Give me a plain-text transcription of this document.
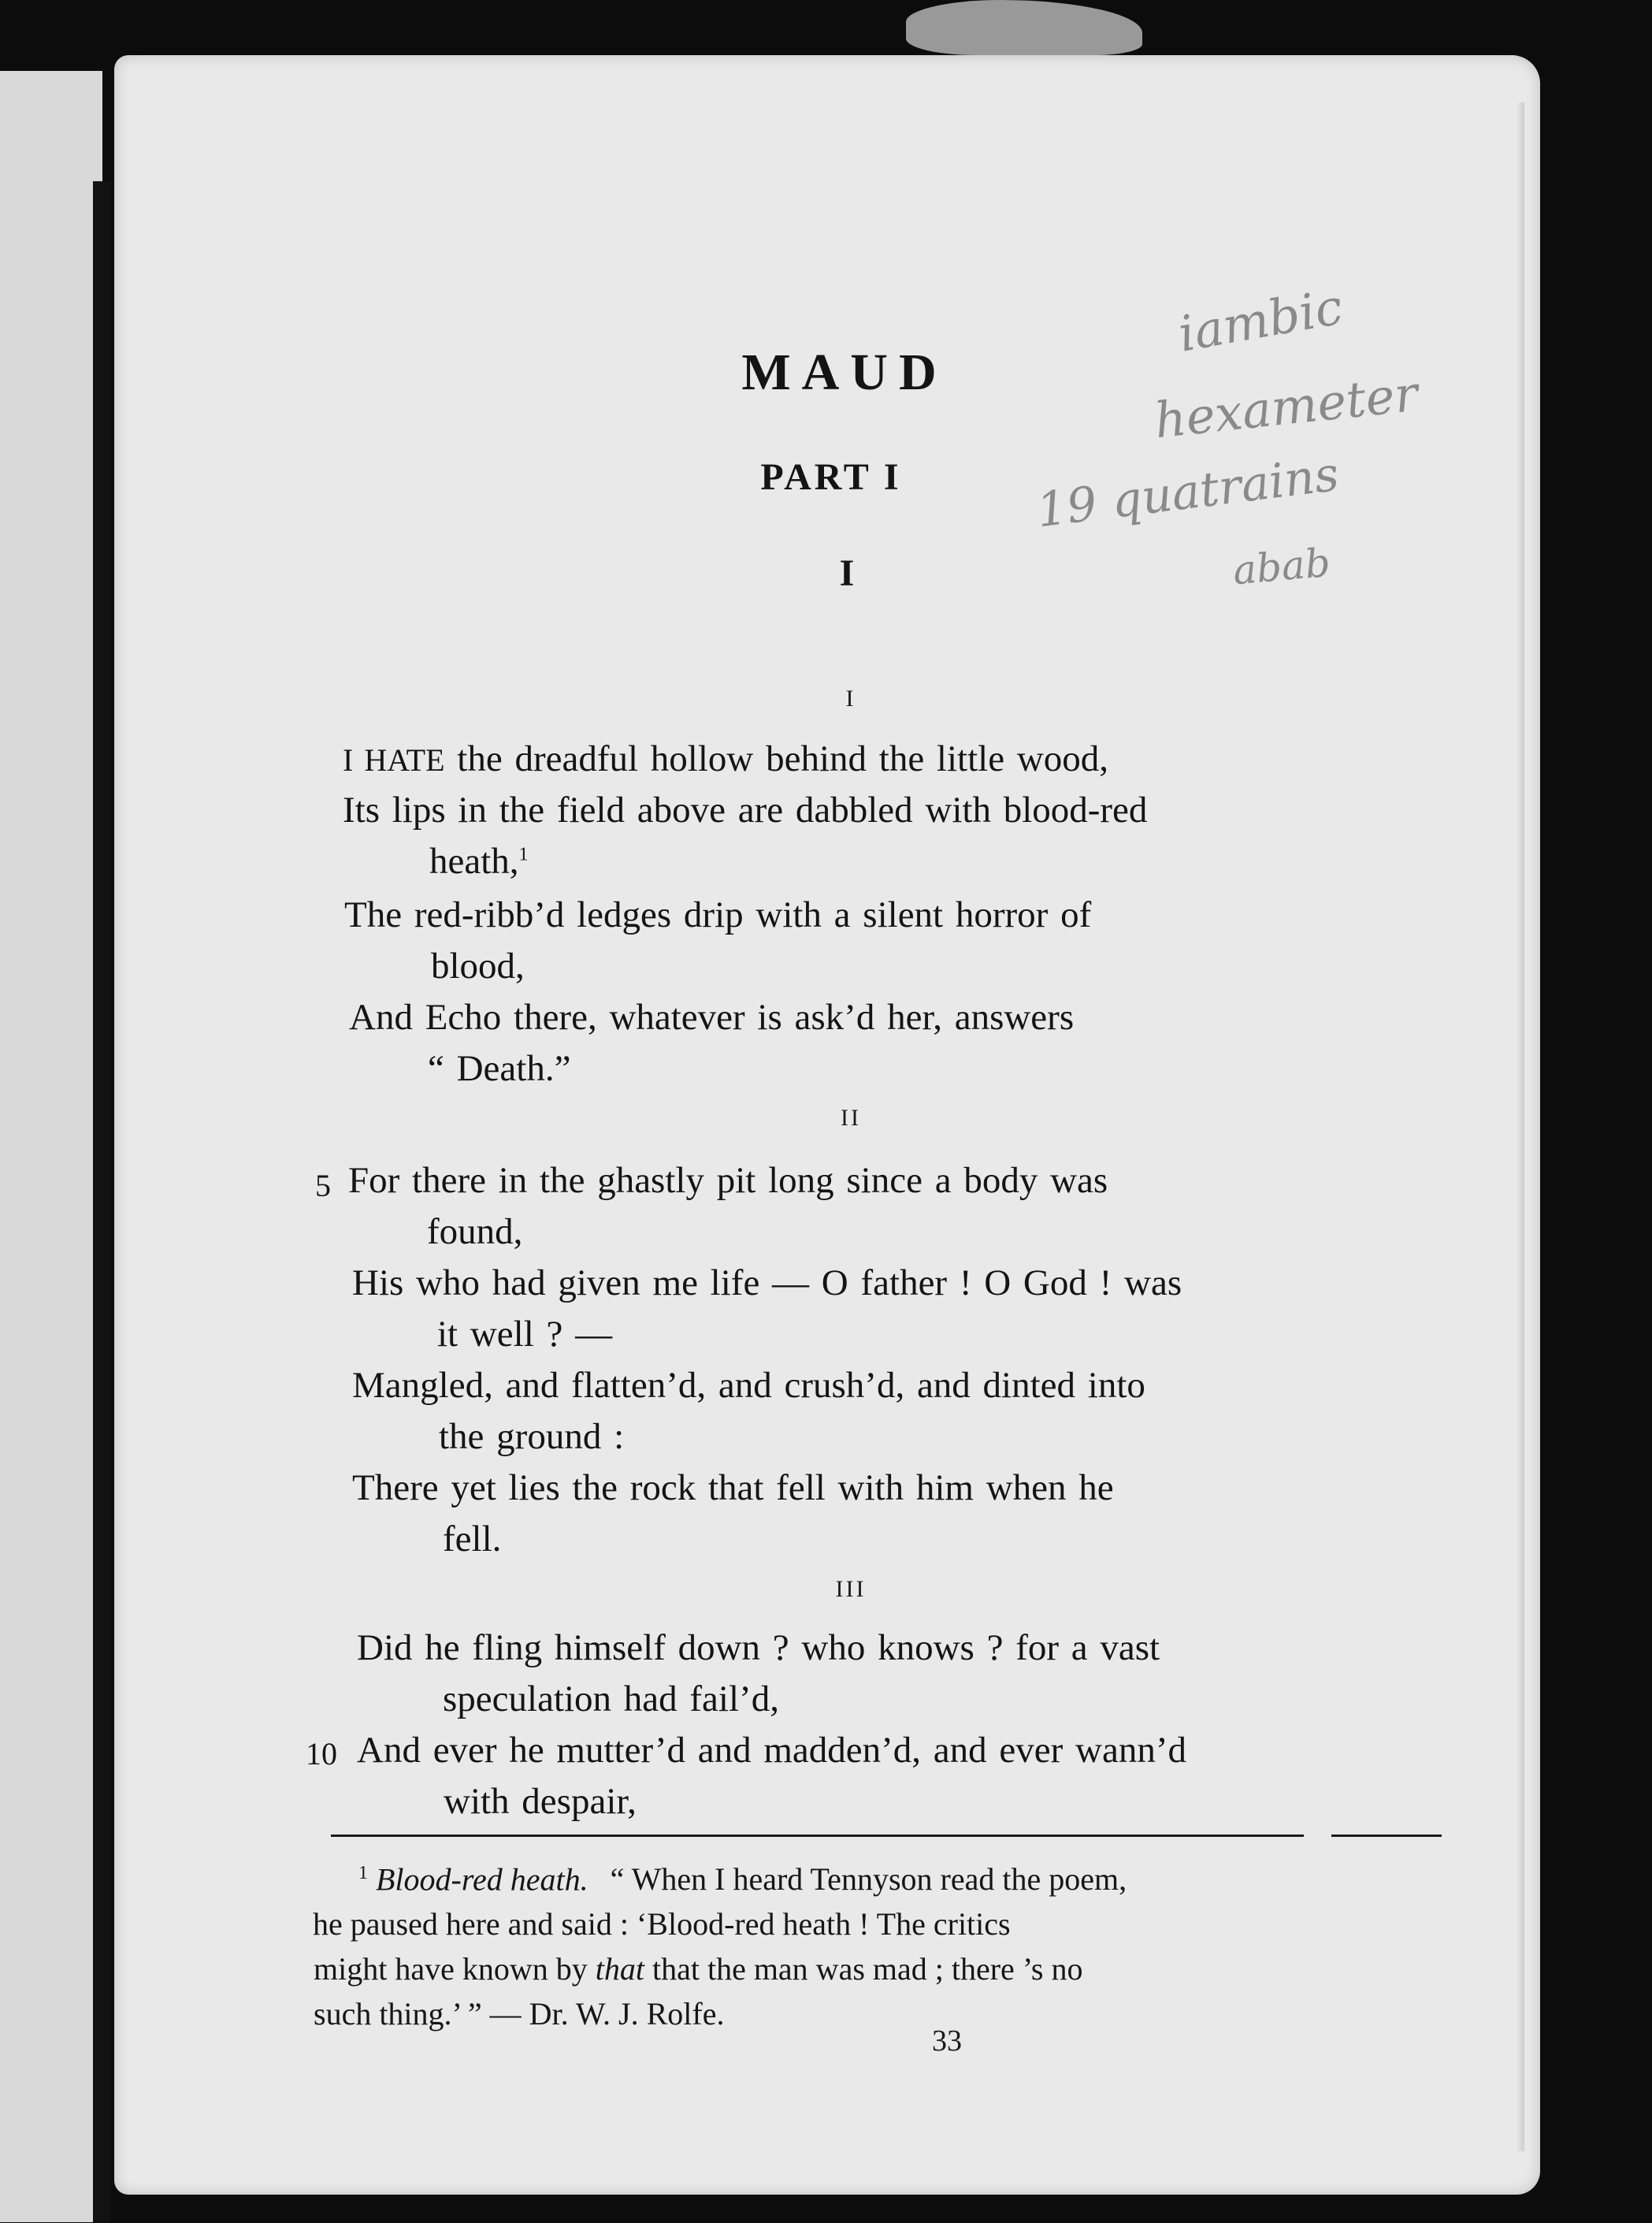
iambic
hexameter
19 quatrains
abab
MAUD
PART I
I
I
I HATE the dreadful hollow behind the little wood,
Its lips in the field above are dabbled with blood-red
heath,$^1$
The red-ribb’d ledges drip with a silent horror of
blood,
And Echo there, whatever is ask’d her, answers
“ Death.”
II
5 For there in the ghastly pit long since a body was
found,
His who had given me life — O father ! O God ! was
it well ? —
Mangled, and flatten’d, and crush’d, and dinted into
the ground :
There yet lies the rock that fell with him when he
fell.
III
Did he fling himself down ? who knows ? for a vast
speculation had fail’d,
10 And ever he mutter’d and madden’d, and ever wann’d
with despair,
$^1$ Blood-red heath. “ When I heard Tennyson read the poem,
he paused here and said : ‘Blood-red heath ! The critics
might have known by that that the man was mad ; there ’s no
such thing.’ ” — Dr. W. J. Rolfe.
33
